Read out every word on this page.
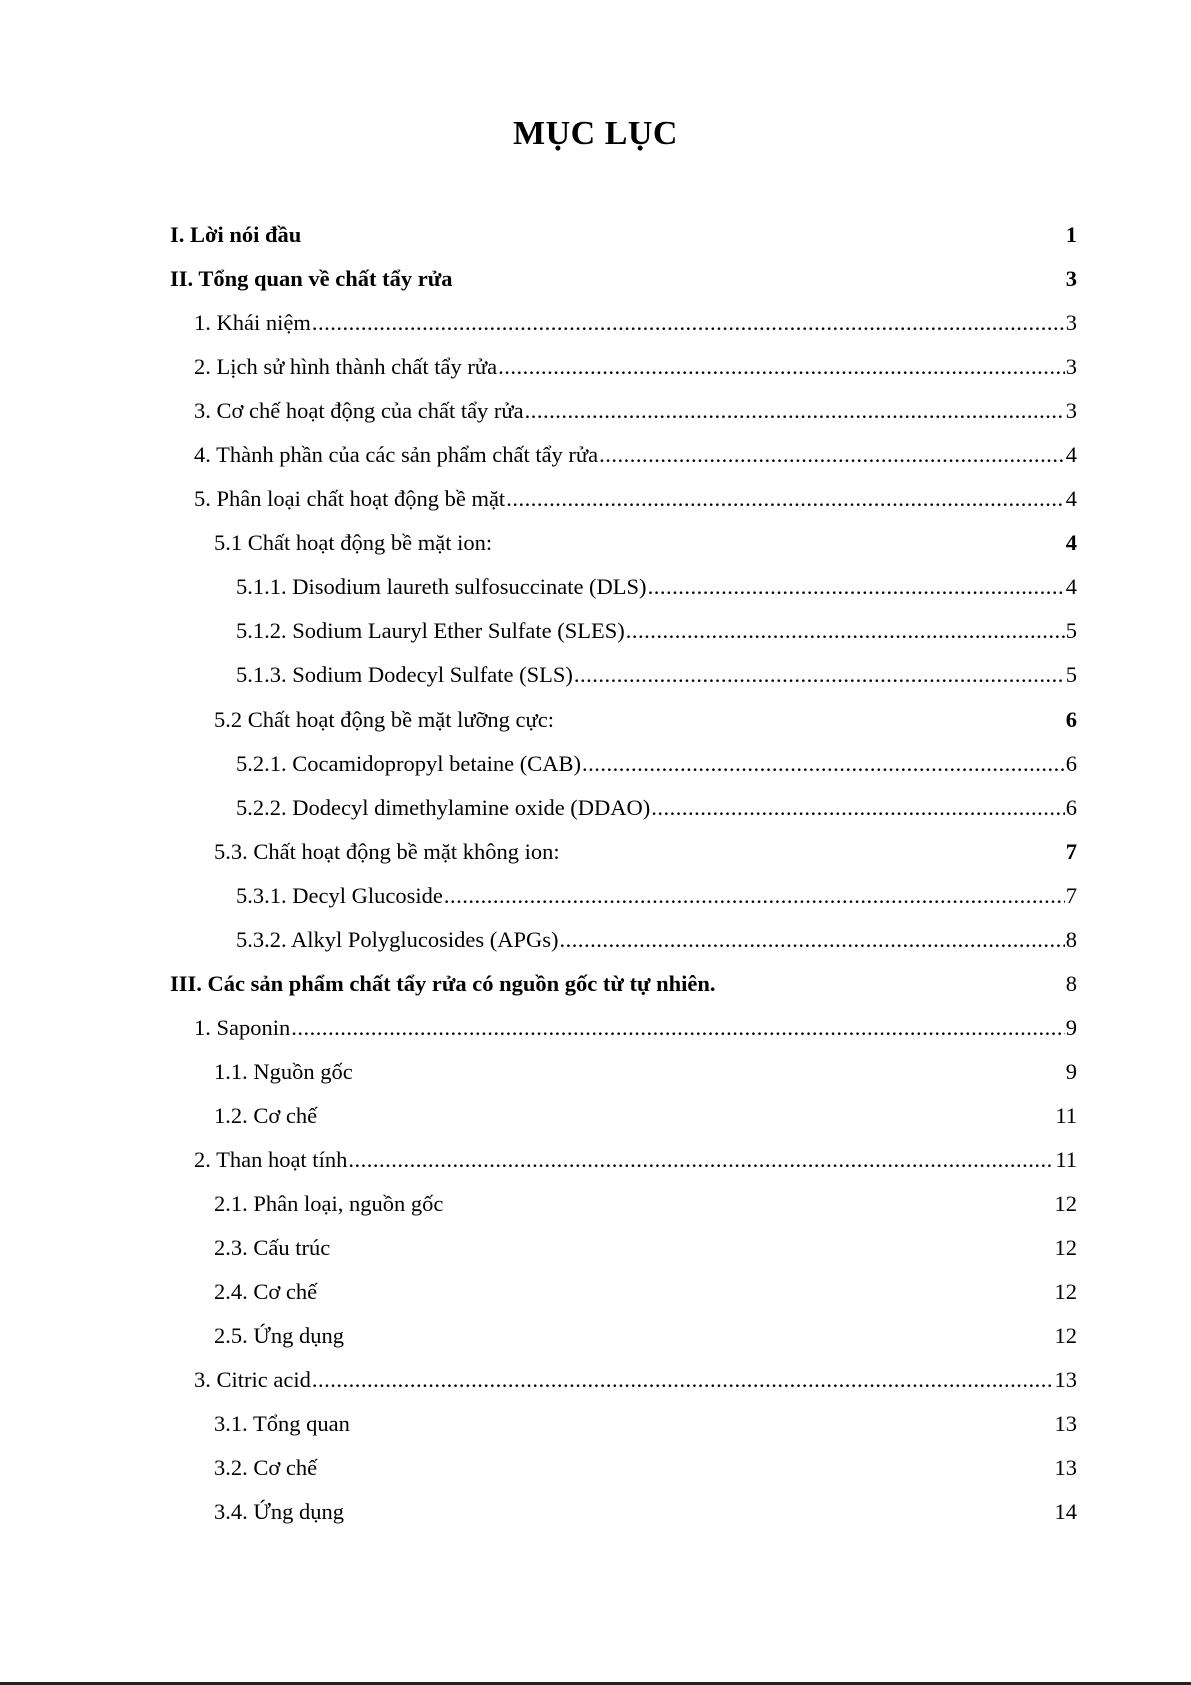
MỤC LỤC
I. Lời nói đầu	1
II. Tổng quan về chất tẩy rửa	3
1. Khái niệm .....	3
2. Lịch sử hình thành chất tẩy rửa .....	3
3. Cơ chế hoạt động của chất tẩy rửa .....	3
4. Thành phần của các sản phẩm chất tẩy rửa .....	4
5. Phân loại chất hoạt động bề mặt .....	4
5.1 Chất hoạt động bề mặt ion:	4
5.1.1. Disodium laureth sulfosuccinate (DLS) .....	4
5.1.2. Sodium Lauryl Ether Sulfate (SLES) .....	5
5.1.3. Sodium Dodecyl Sulfate (SLS) .....	5
5.2 Chất hoạt động bề mặt lưỡng cực:	6
5.2.1. Cocamidopropyl betaine (CAB) .....	6
5.2.2. Dodecyl dimethylamine oxide (DDAO) .....	6
5.3. Chất hoạt động bề mặt không ion:	7
5.3.1. Decyl Glucoside .....	7
5.3.2. Alkyl Polyglucosides (APGs) .....	8
III. Các sản phẩm chất tẩy rửa có nguồn gốc từ tự nhiên.	8
1. Saponin .....	9
1.1. Nguồn gốc	9
1.2. Cơ chế	11
2. Than hoạt tính .....	11
2.1. Phân loại, nguồn gốc	12
2.3. Cấu trúc	12
2.4. Cơ chế	12
2.5. Ứng dụng	12
3. Citric acid .....	13
3.1. Tổng quan	13
3.2. Cơ chế	13
3.4. Ứng dụng	14
